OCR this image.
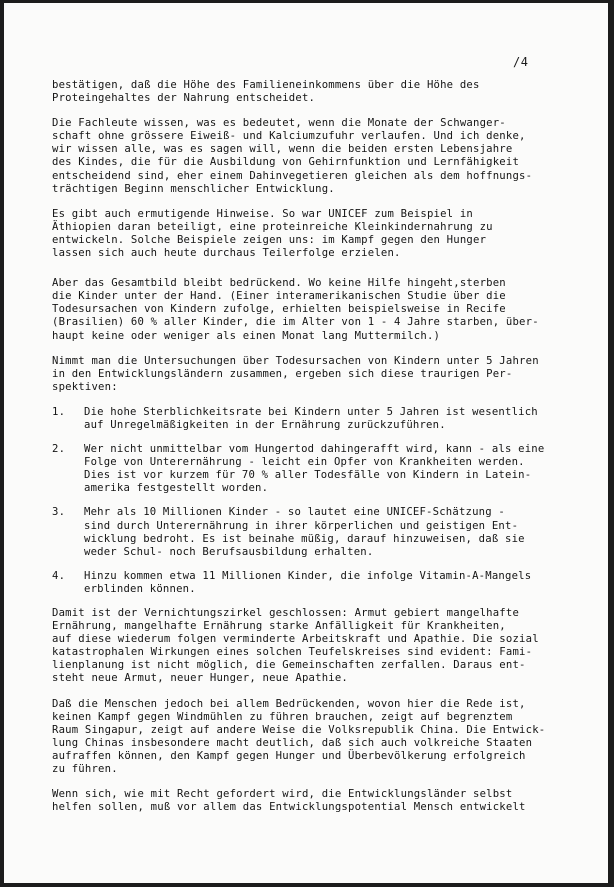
/4
bestätigen, daß die Höhe des Familieneinkommens über die Höhe des
Proteingehaltes der Nahrung entscheidet.
Die Fachleute wissen, was es bedeutet, wenn die Monate der Schwanger-
schaft ohne grössere Eiweiß- und Kalciumzufuhr verlaufen. Und ich denke,
wir wissen alle, was es sagen will, wenn die beiden ersten Lebensjahre
des Kindes, die für die Ausbildung von Gehirnfunktion und Lernfähigkeit
entscheidend sind, eher einem Dahinvegetieren gleichen als dem hoffnungs-
trächtigen Beginn menschlicher Entwicklung.
Es gibt auch ermutigende Hinweise. So war UNICEF zum Beispiel in
Äthiopien daran beteiligt, eine proteinreiche Kleinkindernahrung zu
entwickeln. Solche Beispiele zeigen uns: im Kampf gegen den Hunger
lassen sich auch heute durchaus Teilerfolge erzielen.
Aber das Gesamtbild bleibt bedrückend. Wo keine Hilfe hingeht,sterben
die Kinder unter der Hand. (Einer interamerikanischen Studie über die
Todesursachen von Kindern zufolge, erhielten beispielsweise in Recife
(Brasilien) 60 % aller Kinder, die im Alter von 1 - 4 Jahre starben, über-
haupt keine oder weniger als einen Monat lang Muttermilch.)
Nimmt man die Untersuchungen über Todesursachen von Kindern unter 5 Jahren
in den Entwicklungsländern zusammen, ergeben sich diese traurigen Per-
spektiven:
1.	Die hohe Sterblichkeitsrate bei Kindern unter 5 Jahren ist wesentlich
auf Unregelmäßigkeiten in der Ernährung zurückzuführen.
2.	Wer nicht unmittelbar vom Hungertod dahingerafft wird, kann - als eine
Folge von Unterernährung - leicht ein Opfer von Krankheiten werden.
Dies ist vor kurzem für 70 % aller Todesfälle von Kindern in Latein-
amerika festgestellt worden.
3.	Mehr als 10 Millionen Kinder - so lautet eine UNICEF-Schätzung -
sind durch Unterernährung in ihrer körperlichen und geistigen Ent-
wicklung bedroht. Es ist beinahe müßig, darauf hinzuweisen, daß sie
weder Schul- noch Berufsausbildung erhalten.
4.	Hinzu kommen etwa 11 Millionen Kinder, die infolge Vitamin-A-Mangels
erblinden können.
Damit ist der Vernichtungszirkel geschlossen: Armut gebiert mangelhafte
Ernährung, mangelhafte Ernährung starke Anfälligkeit für Krankheiten,
auf diese wiederum folgen verminderte Arbeitskraft und Apathie. Die sozial
katastrophalen Wirkungen eines solchen Teufelskreises sind evident: Fami-
lienplanung ist nicht möglich, die Gemeinschaften zerfallen. Daraus ent-
steht neue Armut, neuer Hunger, neue Apathie.
Daß die Menschen jedoch bei allem Bedrückenden, wovon hier die Rede ist,
keinen Kampf gegen Windmühlen zu führen brauchen, zeigt auf begrenztem
Raum Singapur, zeigt auf andere Weise die Volksrepublik China. Die Entwick-
lung Chinas insbesondere macht deutlich, daß sich auch volkreiche Staaten
aufraffen können, den Kampf gegen Hunger und Überbevölkerung erfolgreich
zu führen.
Wenn sich, wie mit Recht gefordert wird, die Entwicklungsländer selbst
helfen sollen, muß vor allem das Entwicklungspotential Mensch entwickelt
